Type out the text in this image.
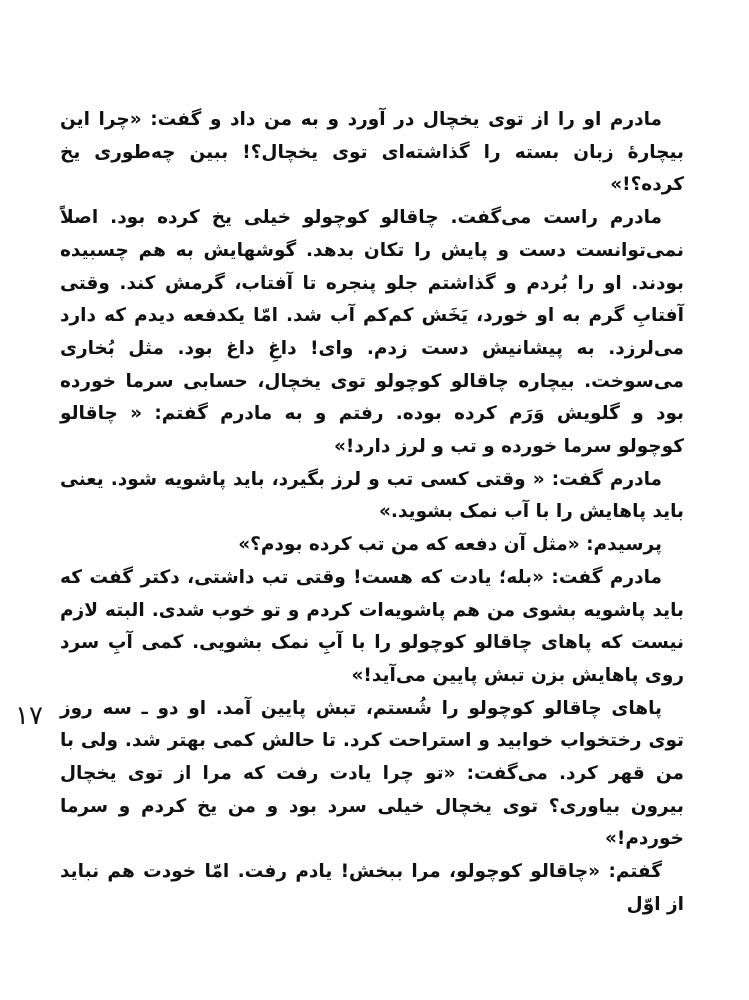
مادرم او را از توی یخچال در آورد و به من داد و گفت: «چرا این بیچارهٔ زبان بسته را گذاشته‌ای توی یخچال؟! ببین چه‌طوری یخ کرده؟!»

مادرم راست می‌گفت. چاقالو کوچولو خیلی یخ کرده بود. اصلاً نمی‌توانست دست و پایش را تکان بدهد. گوشهایش به هم چسبیده بودند. او را بُردم و گذاشتم جلو پنجره تا آفتاب، گرمش کند. وقتی آفتابِ گرم به او خورد، یَخَش کم‌کم آب شد. امّا یکدفعه دیدم که دارد می‌لرزد. به پیشانیش دست زدم. وای! داغِ داغ بود. مثل بُخاری می‌سوخت. بیچاره چاقالو کوچولو توی یخچال، حسابی سرما خورده بود و گلویش وَرَم کرده بوده. رفتم و به مادرم گفتم: « چاقالو کوچولو سرما خورده و تب و لرز دارد!»

مادرم گفت: « وقتی کسی تب و لرز بگیرد، باید پاشویه شود. یعنی باید پاهایش را با آب نمک بشوید.»

پرسیدم: «مثل آن دفعه که من تب کرده بودم؟»

مادرم گفت: «بله؛ یادت که هست! وقتی تب داشتی، دکتر گفت که باید پاشویه بشوی من هم پاشویه‌ات کردم و تو خوب شدی. البته لازم نیست که پاهای چاقالو کوچولو را با آبِ نمک بشویی. کمی آبِ سرد روی پاهایش بزن تبش پایین می‌آید!»

پاهای چاقالو کوچولو را شُستم، تبش پایین آمد. او دو ـ سه روز توی رختخواب خوابید و استراحت کرد. تا حالش کمی بهتر شد. ولی با من قهر کرد. می‌گفت: «تو چرا یادت رفت که مرا از توی یخچال بیرون بیاوری؟ توی یخچال خیلی سرد بود و من یخ کردم و سرما خوردم!»

گفتم: «چاقالو کوچولو، مرا ببخش! یادم رفت. امّا خودت هم نباید از اوّل

۱۷
